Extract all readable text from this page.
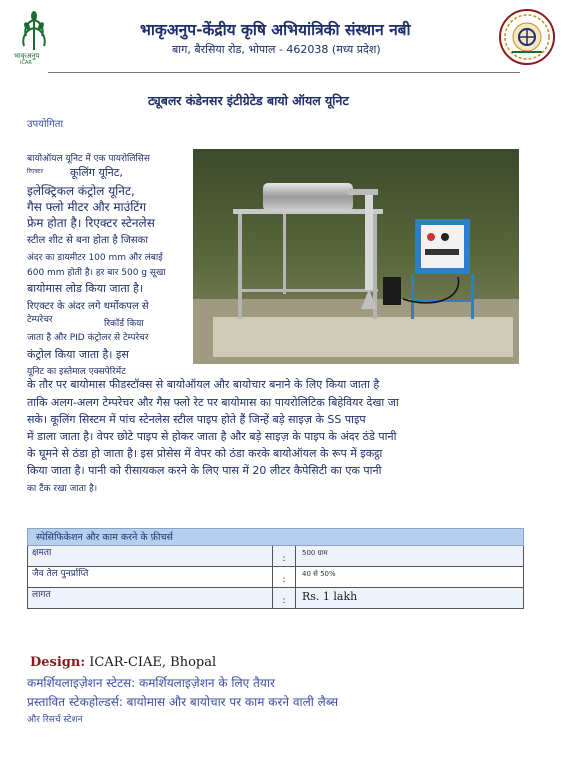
भाकृअनुप
ICAR
भाकृअनुप-केंद्रीय कृषि अभियांत्रिकी संस्थान नबी
बाग, बैरसिया रोड, भोपाल - 462038 (मध्य प्रदेश)
ट्यूबलर कंडेनसर इंटीग्रेटेड बायो ऑयल यूनिट
उपयोगिता
बायोऑयल यूनिट में एक पायरोलिसिस
रिएक्टर कूलिंग यूनिट,
इलेक्ट्रिकल कंट्रोल यूनिट,
गैस फ्लो मीटर और माउंटिंग
फ्रेम होता है। रिएक्टर स्टेनलेस
स्टील शीट से बना होता है जिसका
अंदर का डायमीटर 100 mm और लंबाई
600 mm होती है। हर बार 500 g सूखा
बायोमास लोड किया जाता है।
रिएक्टर के अंदर लगे थर्मोकपल से
टेम्परेचर	रिकॉर्ड किया
जाता है और PID कंट्रोलर से टेम्परेचर
कंट्रोल किया जाता है। इस
यूनिट का इस्तेमाल एक्सपेरिमेंट
के तौर पर बायोमास फीडस्टॉक्स से बायोऑयल और बायोचार बनाने के लिए किया जाता है
ताकि अलग-अलग टेम्परेचर और गैस फ्लो रेट पर बायोमास का पायरोलिटिक बिहेवियर देखा जा
सके। कूलिंग सिस्टम में पांच स्टेनलेस स्टील पाइप होते हैं जिन्हें बड़े साइज़ के SS पाइप
में डाला जाता है। वेपर छोटे पाइप से होकर जाता है और बड़े साइज़ के पाइप के अंदर ठंडे पानी
के घूमने से ठंडा हो जाता है। इस प्रोसेस में वेपर को ठंडा करके बायोऑयल के रूप में इकट्ठा
किया जाता है। पानी को रीसायकल करने के लिए पास में 20 लीटर कैपेसिटी का एक पानी
का टैंक रखा जाता है।
स्पेसिफिकेशन और काम करने के फ़ीचर्स
क्षमता
:
500 ग्राम
जैव तेल पुनर्प्राप्ति
:
40 से 50%
लागत
:	Rs. 1 lakh
Design: ICAR-CIAE, Bhopal
कमर्शियलाइज़ेशन स्टेटस: कमर्शियलाइज़ेशन के लिए तैयार
प्रस्तावित स्टेकहोल्डर्स: बायोमास और बायोचार पर काम करने वाली लैब्स
और रिसर्च स्टेशन
